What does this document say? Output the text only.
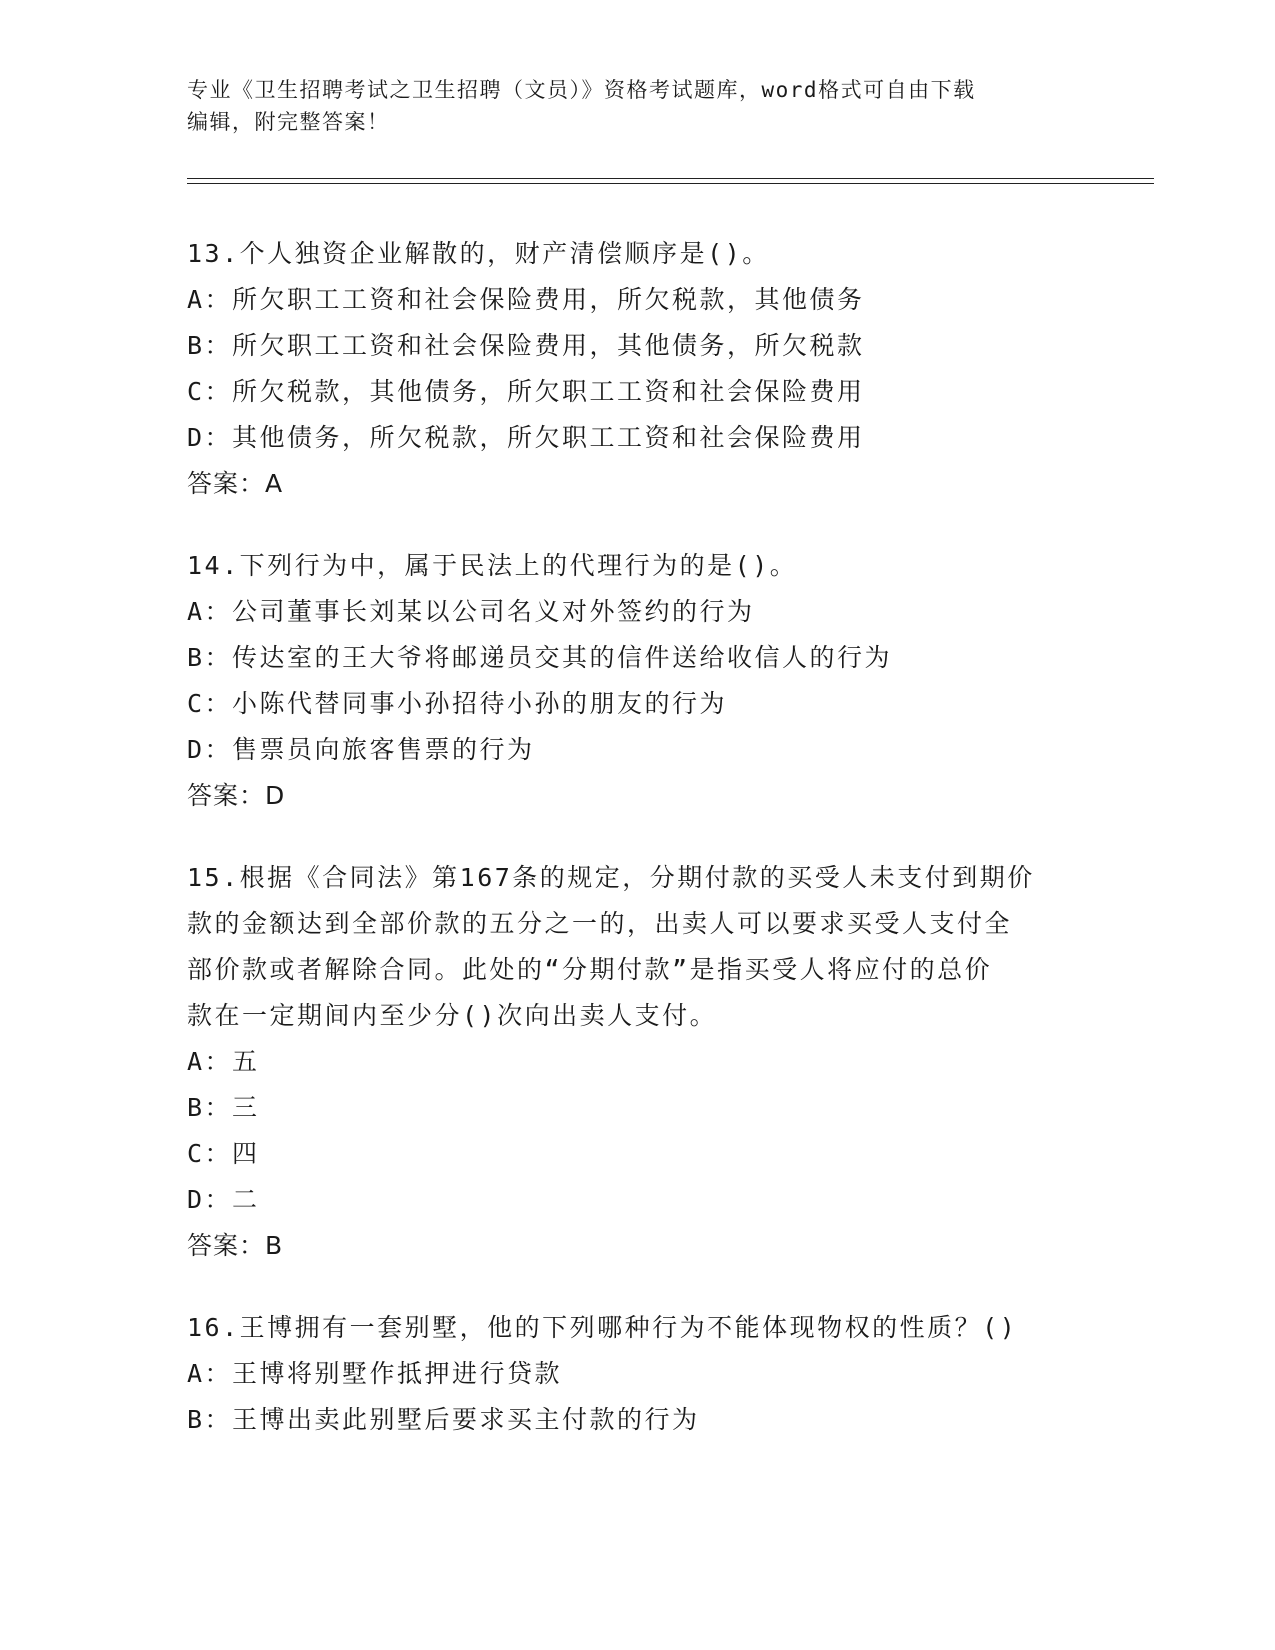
专业《卫生招聘考试之卫生招聘（文员）》资格考试题库，word格式可自由下载
编辑，附完整答案！
13.个人独资企业解散的，财产清偿顺序是()。
A：所欠职工工资和社会保险费用，所欠税款，其他债务
B：所欠职工工资和社会保险费用，其他债务，所欠税款
C：所欠税款，其他债务，所欠职工工资和社会保险费用
D：其他债务，所欠税款，所欠职工工资和社会保险费用
答案：A
14.下列行为中，属于民法上的代理行为的是()。
A：公司董事长刘某以公司名义对外签约的行为
B：传达室的王大爷将邮递员交其的信件送给收信人的行为
C：小陈代替同事小孙招待小孙的朋友的行为
D：售票员向旅客售票的行为
答案：D
15.根据《合同法》第167条的规定，分期付款的买受人未支付到期价
款的金额达到全部价款的五分之一的，出卖人可以要求买受人支付全
部价款或者解除合同。此处的“分期付款”是指买受人将应付的总价
款在一定期间内至少分()次向出卖人支付。
A：五
B：三
C：四
D：二
答案：B
16.王博拥有一套别墅，他的下列哪种行为不能体现物权的性质？()
A：王博将别墅作抵押进行贷款
B：王博出卖此别墅后要求买主付款的行为
